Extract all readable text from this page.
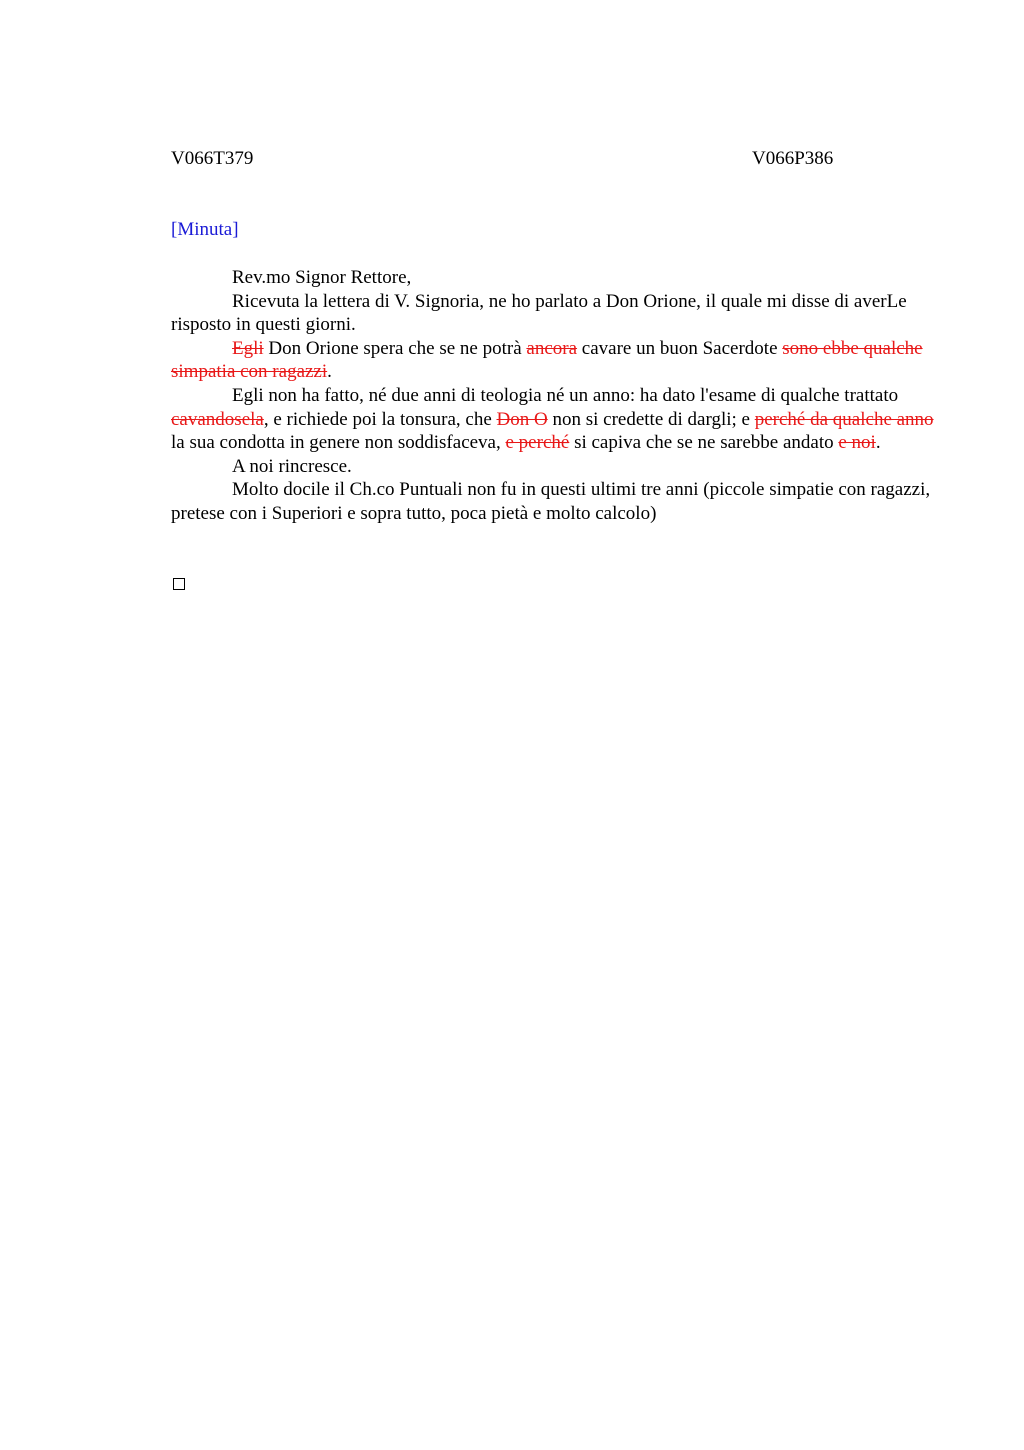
V066T379	V066P386
[Minuta]

Rev.mo Signor Rettore,

Ricevuta la lettera di V. Signoria, ne ho parlato a Don Orione, il quale mi disse di averLe risposto in questi giorni.

Egli Don Orione spera che se ne potrà ancora cavare un buon Sacerdote sono ebbe qualche simpatia con ragazzi.

Egli non ha fatto, né due anni di teologia né un anno: ha dato l'esame di qualche trattato cavandosela, e richiede poi la tonsura, che Don O non si credette di dargli; e perché da qualche anno la sua condotta in genere non soddisfaceva, e perché si capiva che se ne sarebbe andato e noi.

A noi rincresce.

Molto docile il Ch.co Puntuali non fu in questi ultimi tre anni (piccole simpatie con ragazzi, pretese con i Superiori e sopra tutto, poca pietà e molto calcolo)
